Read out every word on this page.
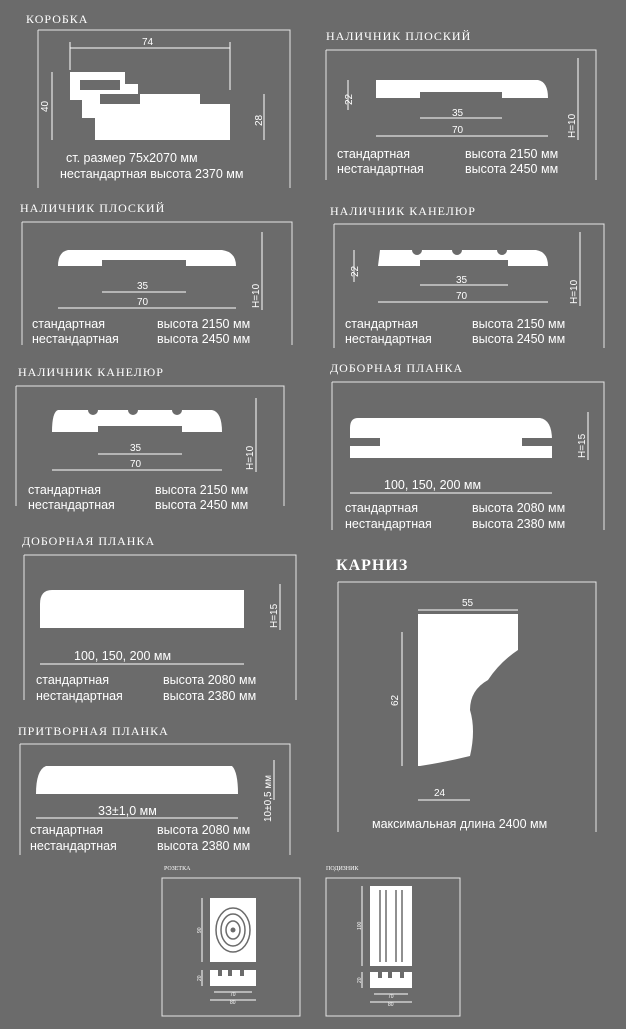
КОРОБКА
74
40
28
ст. размер 75x2070 мм
нестандартная высота 2370 мм
НАЛИЧНИК ПЛОСКИЙ
22
35
70	H=10
стандартная	высота 2150 мм
нестандартная	высота 2450 мм
НАЛИЧНИК ПЛОСКИЙ
35
70	H=10
стандартная	высота 2150 мм
нестандартная	высота 2450 мм
НАЛИЧНИК КАНЕЛЮР
22
35
70	H=10
стандартная	высота 2150 мм
нестандартная	высота 2450 мм
НАЛИЧНИК КАНЕЛЮР
35
70	H=10
стандартная	высота 2150 мм
нестандартная	высота 2450 мм
ДОБОРНАЯ ПЛАНКА
100, 150, 200 мм
H=15
стандартная	высота 2080 мм
нестандартная	высота 2380 мм
ДОБОРНАЯ ПЛАНКА
100, 150, 200 мм
H=15
стандартная	высота 2080 мм
нестандартная	высота 2380 мм
КАРНИЗ
55
62
24
максимальная длина 2400 мм
ПРИТВОРНАЯ ПЛАНКА
33±1,0 мм	10±0,5 мм
стандартная	высота 2080 мм
нестандартная	высота 2380 мм
РОЗЕТКА
90
20
70
80
ПОДИЗНИК
100
20
70
80
